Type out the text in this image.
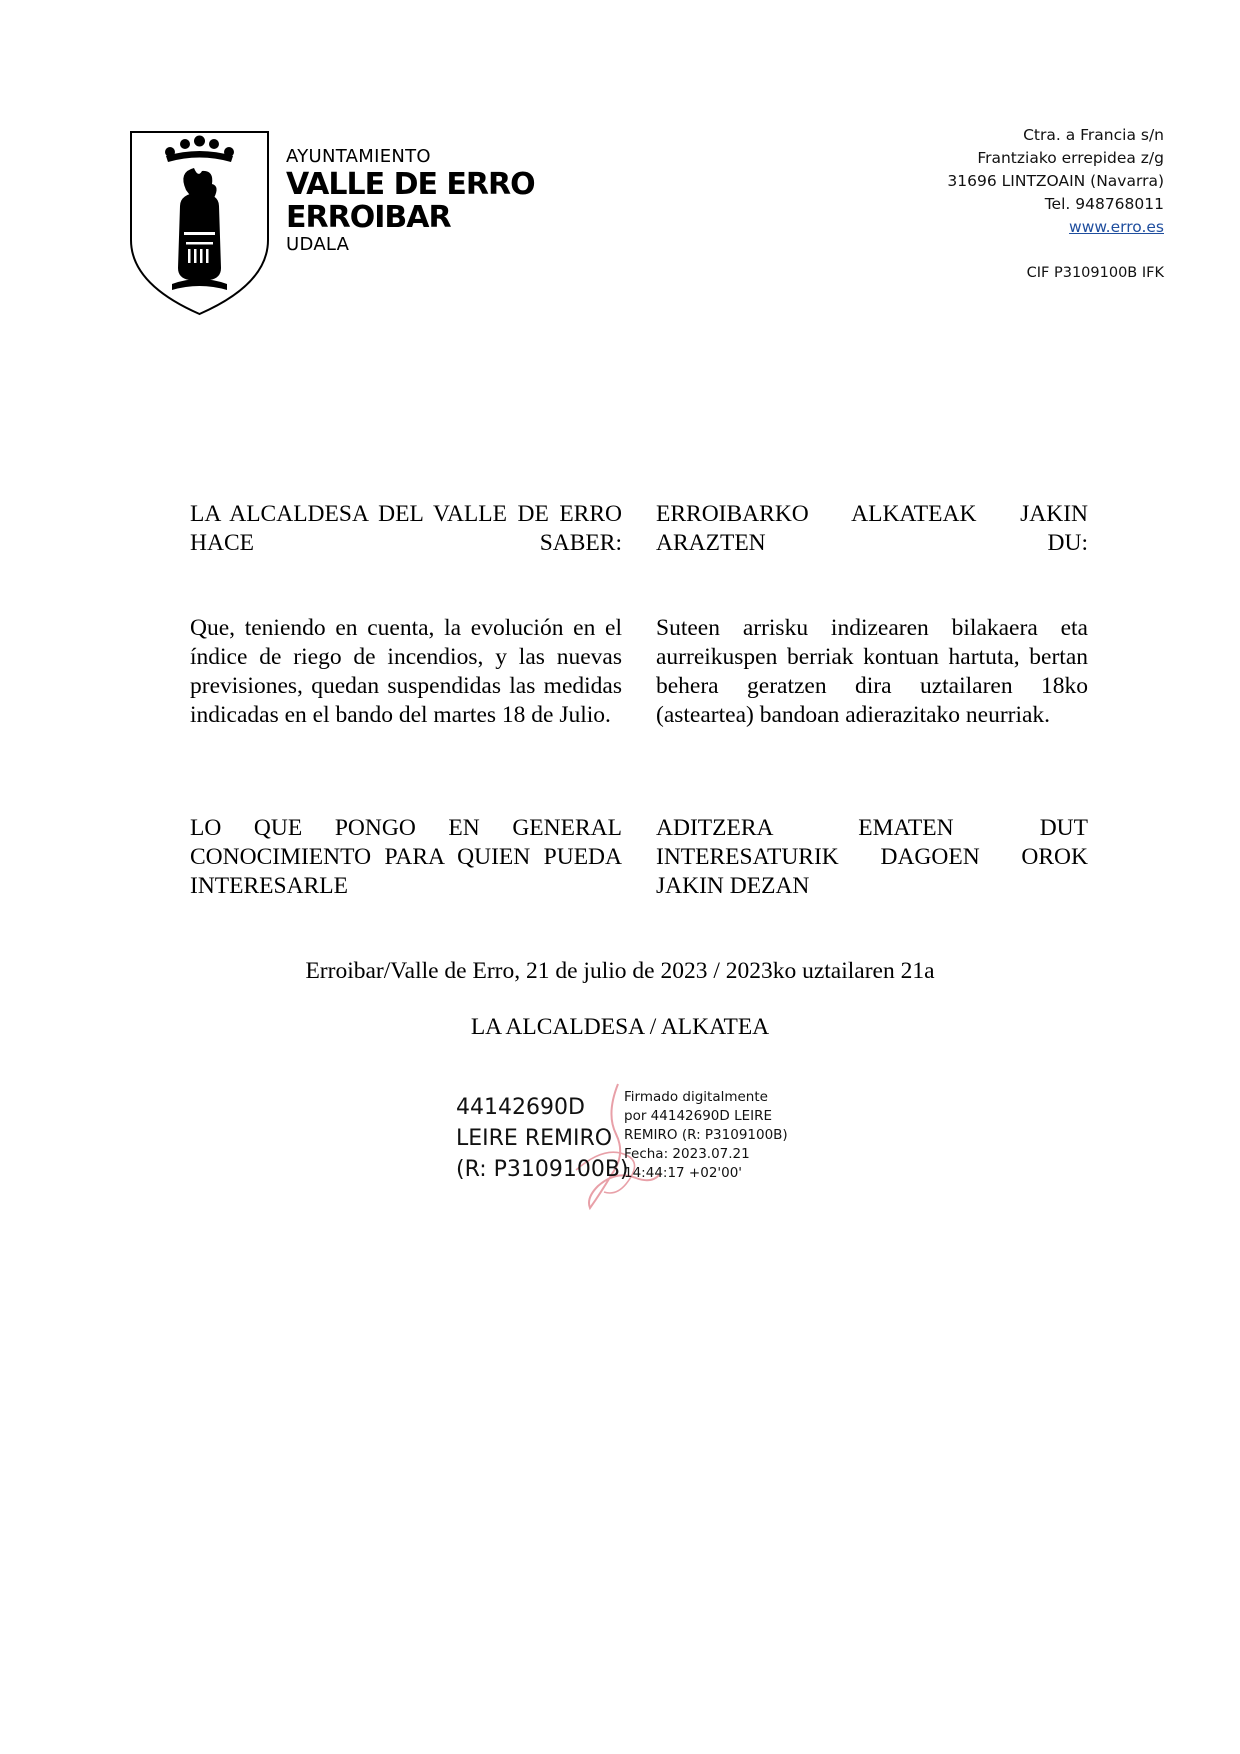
AYUNTAMIENTO
VALLE DE ERRO
ERROIBAR
UDALA
Ctra. a Francia s/n
Frantziako errepidea z/g
31696 LINTZOAIN (Navarra)
Tel. 948768011
www.erro.es
CIF P3109100B IFK
LA ALCALDESA DEL VALLE DE ERRO HACE SABER:
ERROIBARKO ALKATEAK JAKIN ARAZTEN DU:
Que, teniendo en cuenta, la evolución en el índice de riego de incendios, y las nuevas previsiones, quedan suspendidas las medidas indicadas en el bando del martes 18 de Julio.
Suteen arrisku indizearen bilakaera eta aurreikuspen berriak kontuan hartuta, bertan behera geratzen dira uztailaren 18ko (asteartea) bandoan adierazitako neurriak.
LO QUE PONGO EN GENERAL CONOCIMIENTO PARA QUIEN PUEDA INTERESARLE
ADITZERA EMATEN DUT INTERESATURIK DAGOEN OROK JAKIN DEZAN
Erroibar/Valle de Erro, 21 de julio de 2023 / 2023ko uztailaren 21a
LA ALCALDESA / ALKATEA
44142690D
LEIRE REMIRO
(R: P3109100B)
Firmado digitalmente
por 44142690D LEIRE
REMIRO (R: P3109100B)
Fecha: 2023.07.21
14:44:17 +02'00'
